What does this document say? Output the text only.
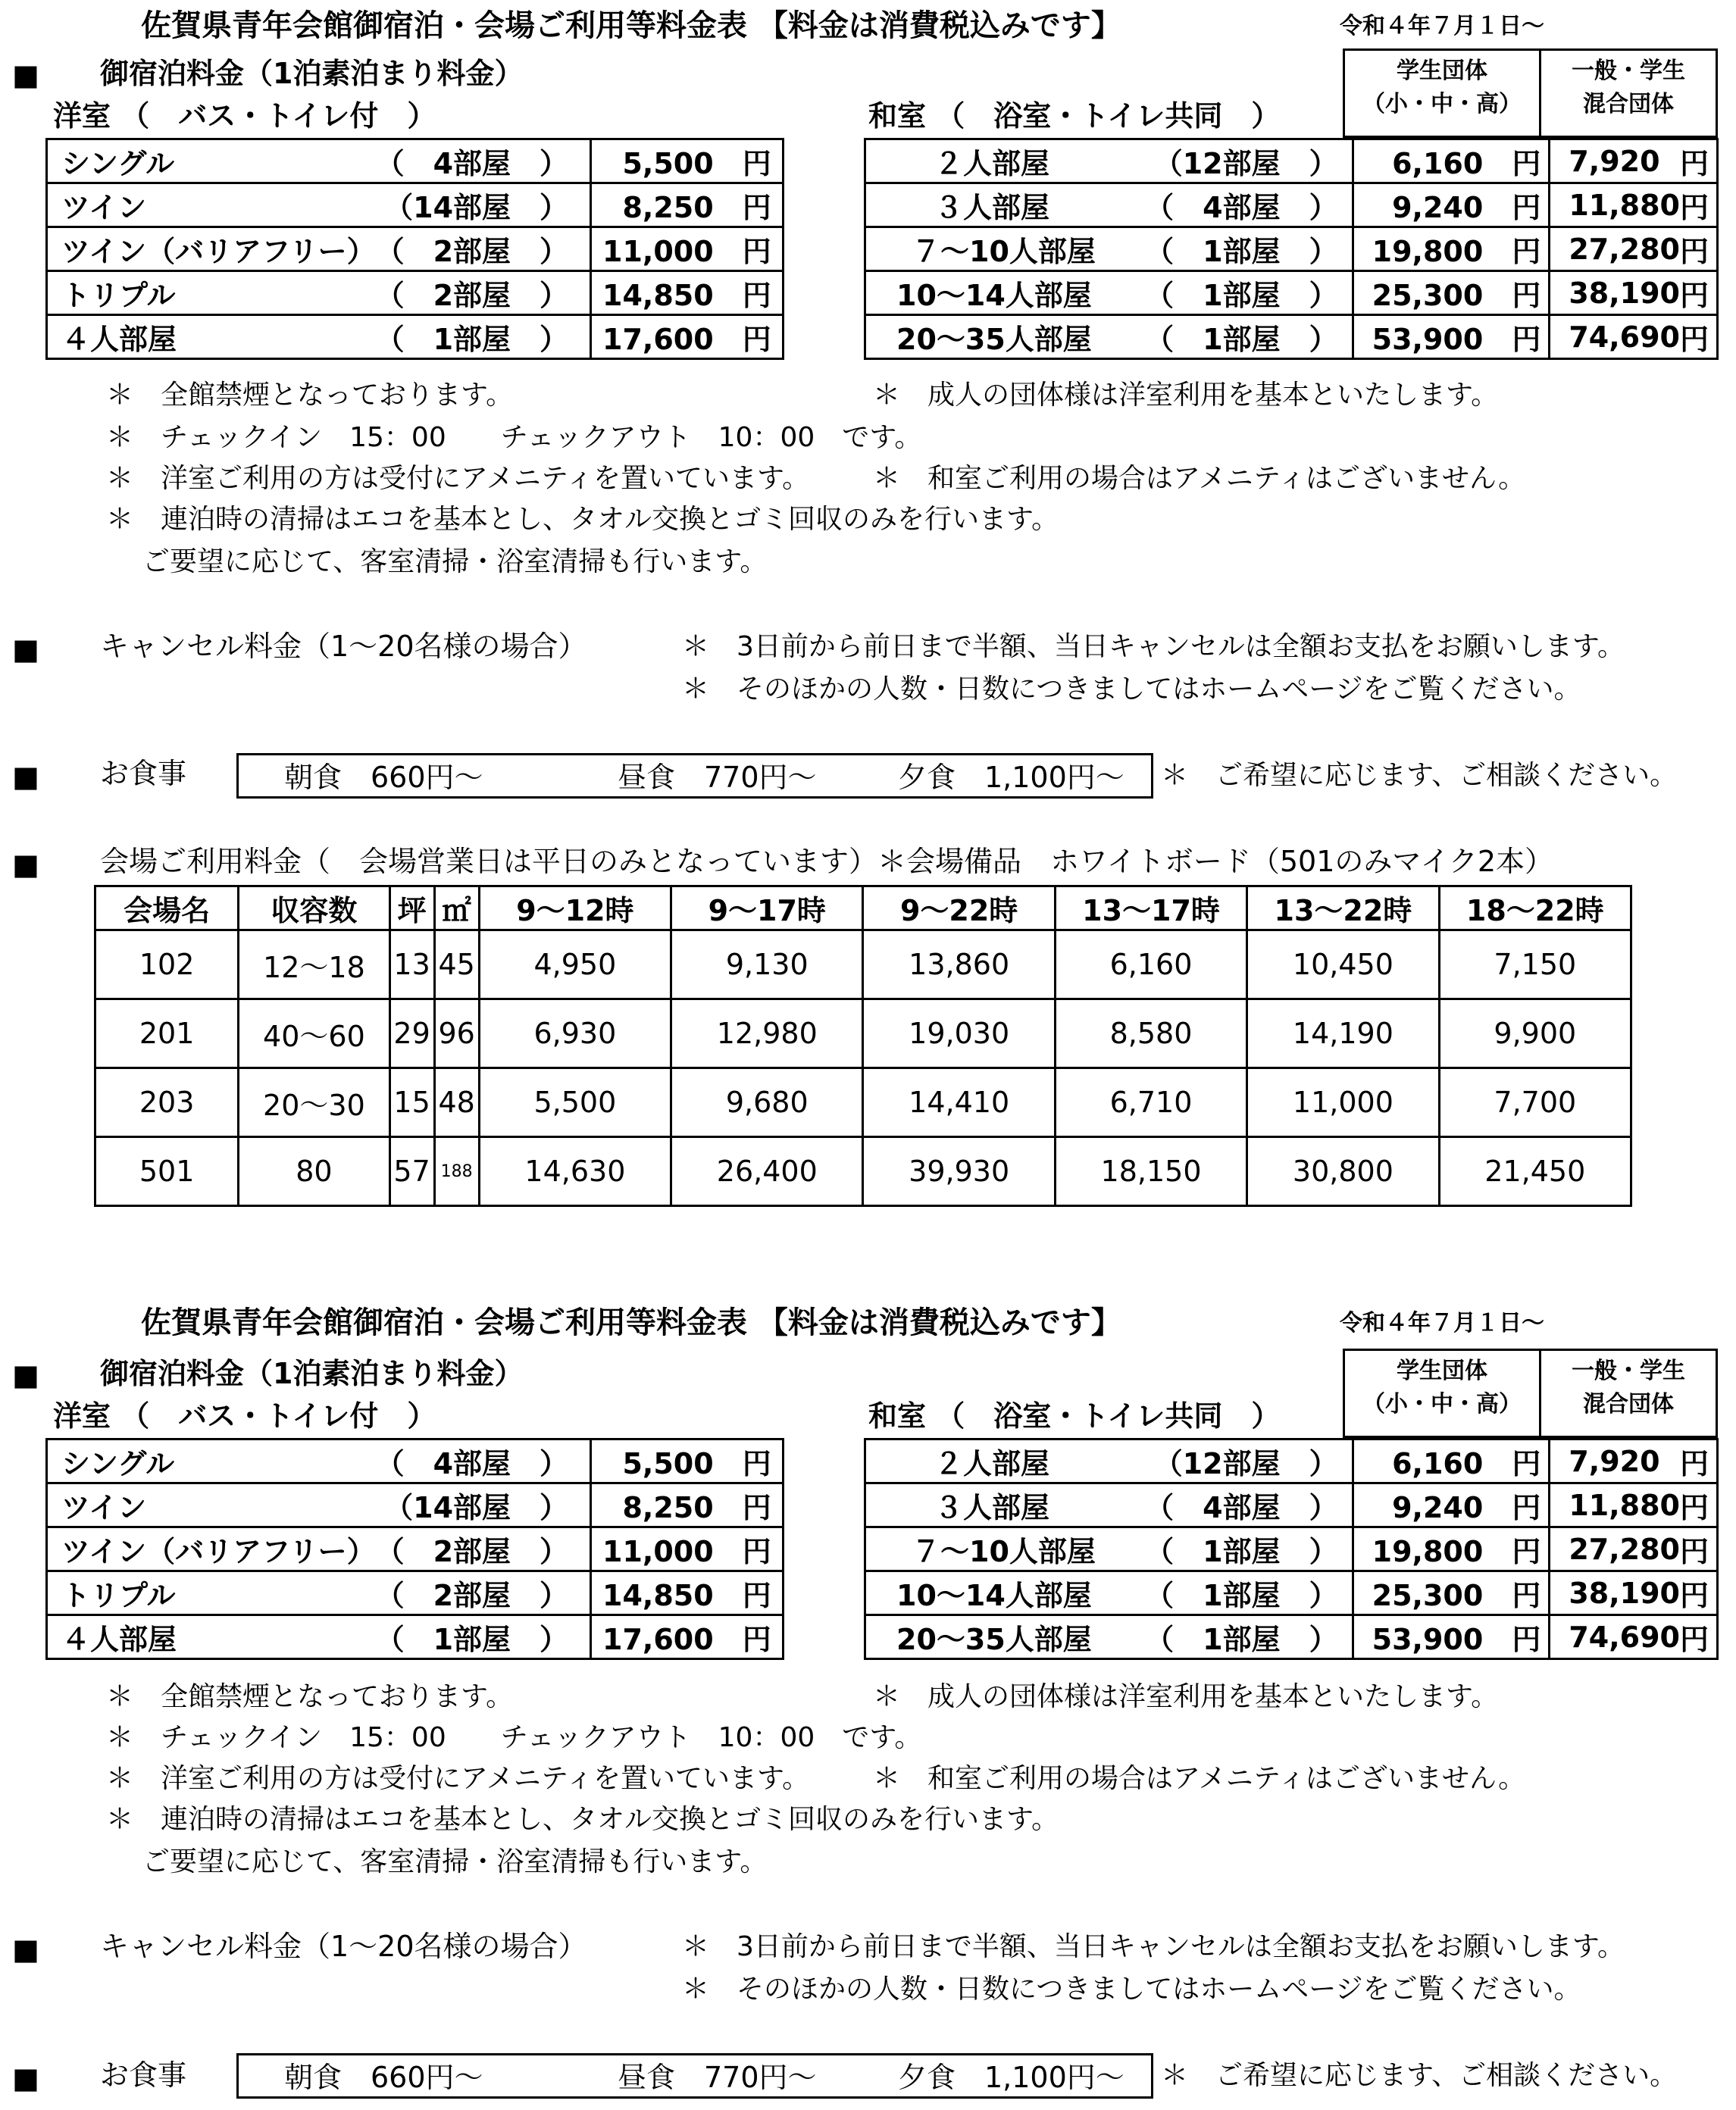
佐賀県青年会館御宿泊・会場ご利用等料金表 【料金は消費税込みです】	令和４年７月１日～
■ 御宿泊料金（1泊素泊まり料金）
洋室 （　バス・トイレ付　）	和室 （　浴室・トイレ共同　）
学生団体
（小・中・高）
一般・学生
混合団体
シングル （　4部屋　）	5,500　 円

ツイン （14部屋　）	8,250　 円

ツイン（バリアフリー） （　2部屋　）	11,000　 円

トリプル （　2部屋　）	14,850　 円

４人部屋 （　1部屋　）	17,600　 円
２人部屋 （12部屋　）	6,160　 円	7,920 円

３人部屋 （　4部屋　）	9,240　 円	11,880 円

７～10人部屋 （　1部屋　）	19,800　 円	27,280 円

10～14人部屋 （　1部屋　）	25,300　 円	38,190 円

20～35人部屋 （　1部屋　）	53,900　 円	74,690 円
＊　全館禁煙となっております。	＊　成人の団体様は洋室利用を基本といたします。
＊　チェックイン　15：00　　チェックアウト　10：00　です。
＊　洋室ご利用の方は受付にアメニティを置いています。 ＊　和室ご利用の場合はアメニティはございません。
＊　連泊時の清掃はエコを基本とし、タオル交換とゴミ回収のみを行います。
ご要望に応じて、客室清掃・浴室清掃も行います。
■ キャンセル料金（1～20名様の場合）	＊　3日前から前日まで半額、当日キャンセルは全額お支払をお願いします。
＊　そのほかの人数・日数につきましてはホームページをご覧ください。
■ お食事	朝食　660円～	昼食　770円～	夕食　1,100円～ ＊　ご希望に応じます、ご相談ください。
■ 会場ご利用料金（　会場営業日は平日のみとなっています）＊会場備品　ホワイトボード（501のみマイク2本）
会場名	収容数	坪	㎡	9～12時	9～17時	9～22時	13～17時	13～22時	18～22時
102	12～18	13	45	4,950	9,130	13,860	6,160	10,450	7,150
201	40～60	29	96	6,930	12,980	19,030	8,580	14,190	9,900
203	20～30	15	48	5,500	9,680	14,410	6,710	11,000	7,700
501	80	57	188	14,630	26,400	39,930	18,150	30,800	21,450
佐賀県青年会館御宿泊・会場ご利用等料金表 【料金は消費税込みです】	令和４年７月１日～
■ 御宿泊料金（1泊素泊まり料金）
洋室 （　バス・トイレ付　）	和室 （　浴室・トイレ共同　）
学生団体
（小・中・高）
一般・学生
混合団体
シングル （　4部屋　）	5,500　 円

ツイン （14部屋　）	8,250　 円

ツイン（バリアフリー） （　2部屋　）	11,000　 円

トリプル （　2部屋　）	14,850　 円

４人部屋 （　1部屋　）	17,600　 円
２人部屋 （12部屋　）	6,160　 円	7,920 円

３人部屋 （　4部屋　）	9,240　 円	11,880 円

７～10人部屋 （　1部屋　）	19,800　 円	27,280 円

10～14人部屋 （　1部屋　）	25,300　 円	38,190 円

20～35人部屋 （　1部屋　）	53,900　 円	74,690 円
＊　全館禁煙となっております。	＊　成人の団体様は洋室利用を基本といたします。
＊　チェックイン　15：00　　チェックアウト　10：00　です。
＊　洋室ご利用の方は受付にアメニティを置いています。 ＊　和室ご利用の場合はアメニティはございません。
＊　連泊時の清掃はエコを基本とし、タオル交換とゴミ回収のみを行います。
ご要望に応じて、客室清掃・浴室清掃も行います。
■ キャンセル料金（1～20名様の場合）	＊　3日前から前日まで半額、当日キャンセルは全額お支払をお願いします。
＊　そのほかの人数・日数につきましてはホームページをご覧ください。
■ お食事	朝食　660円～	昼食　770円～	夕食　1,100円～ ＊　ご希望に応じます、ご相談ください。
